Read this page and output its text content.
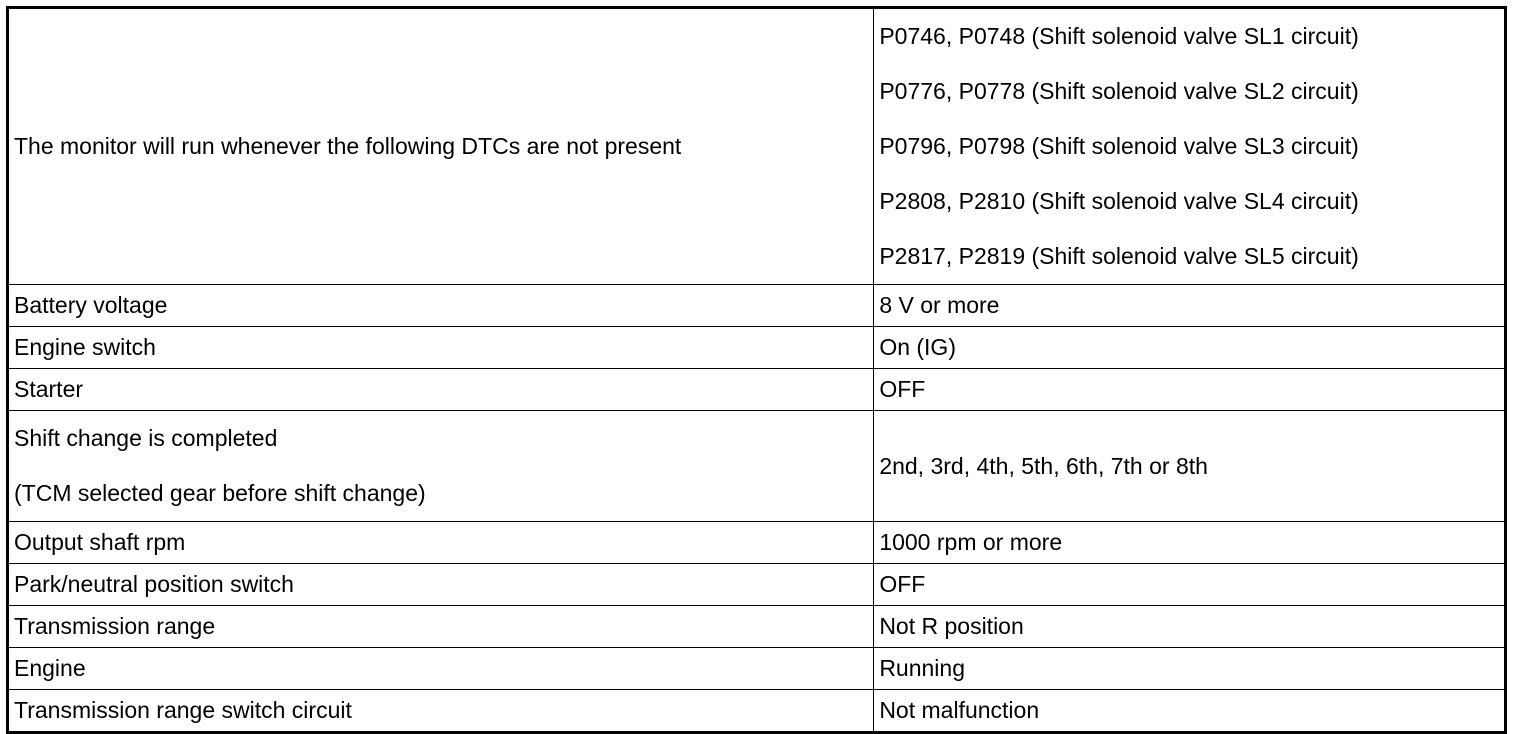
The monitor will run whenever the following DTCs are not present	P0746, P0748 (Shift solenoid valve SL1 circuit)
P0776, P0778 (Shift solenoid valve SL2 circuit)
P0796, P0798 (Shift solenoid valve SL3 circuit)
P2808, P2810 (Shift solenoid valve SL4 circuit)
P2817, P2819 (Shift solenoid valve SL5 circuit)

Battery voltage	8 V or more
Engine switch	On (IG)
Starter	OFF

Shift change is completed
(TCM selected gear before shift change)	2nd, 3rd, 4th, 5th, 6th, 7th or 8th
Output shaft rpm	1000 rpm or more
Park/neutral position switch	OFF
Transmission range	Not R position
Engine	Running
Transmission range switch circuit	Not malfunction
